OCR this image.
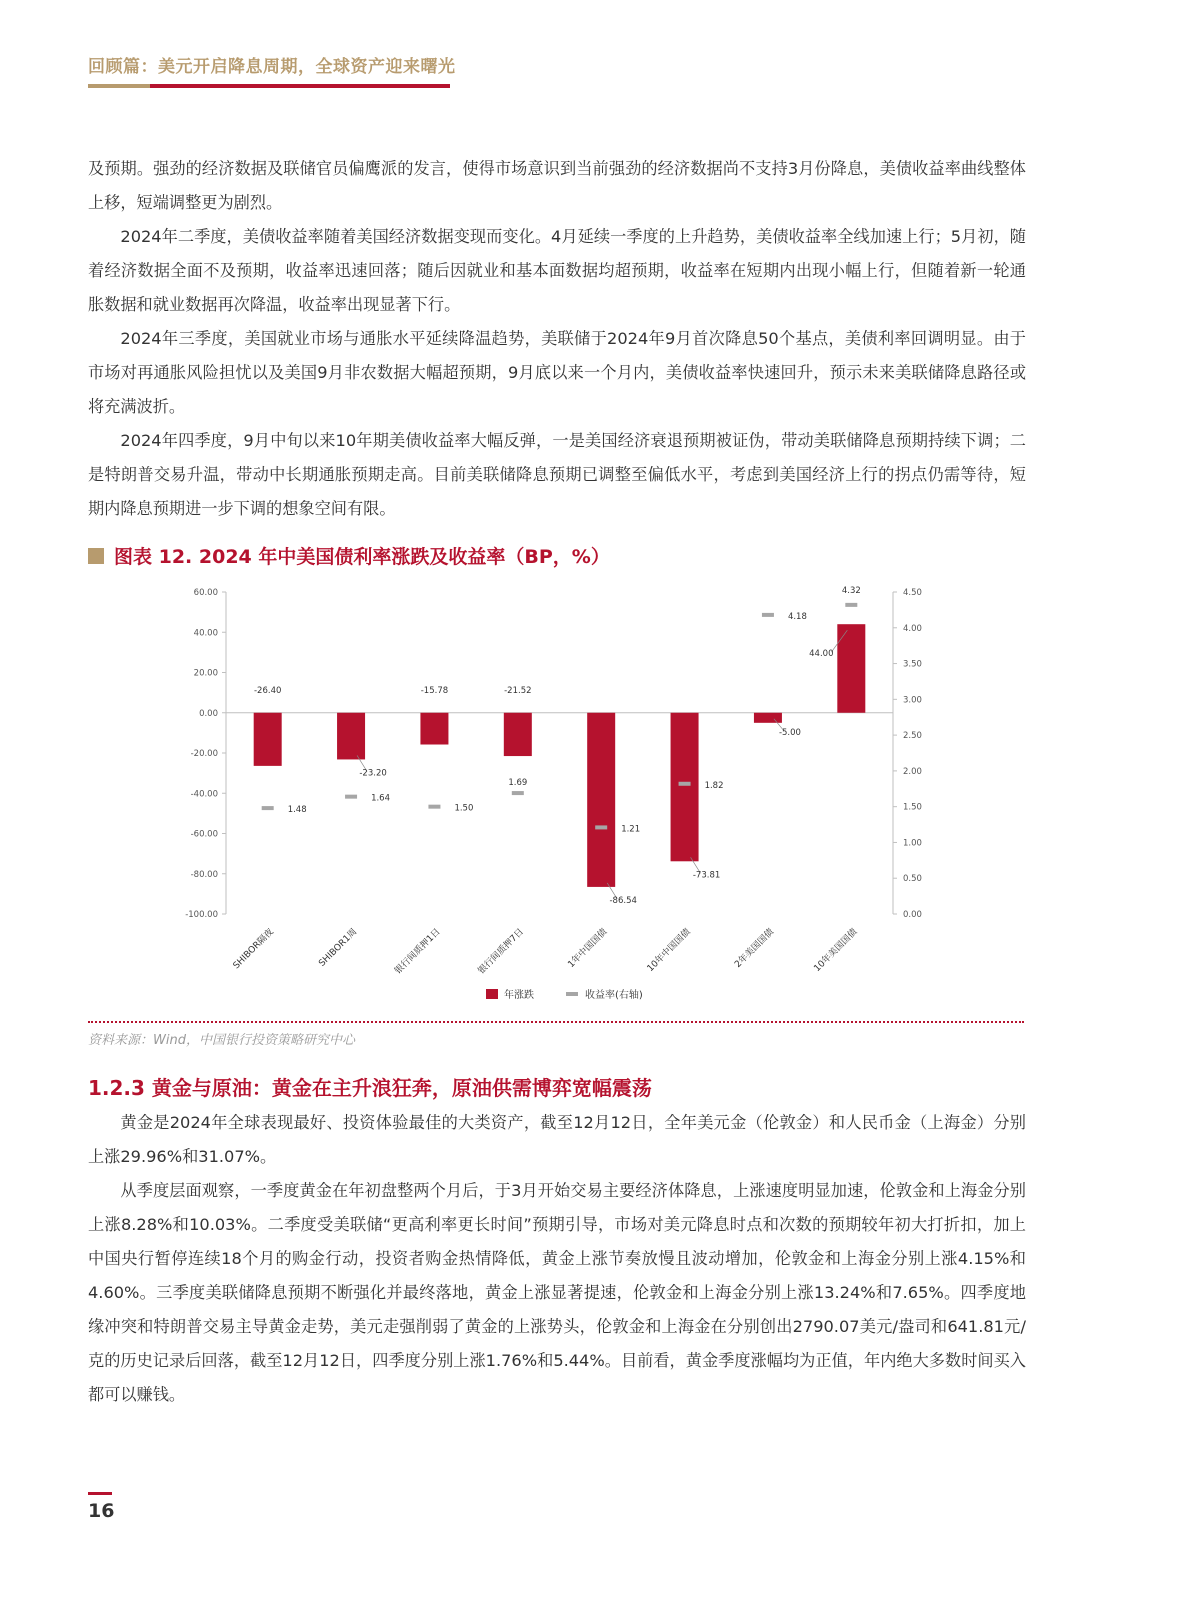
回顾篇：美元开启降息周期，全球资产迎来曙光

及预期。强劲的经济数据及联储官员偏鹰派的发言，使得市场意识到当前强劲的经济数据尚不支持3月份降息，美债收益率曲线整体上移，短端调整更为剧烈。

2024年二季度，美债收益率随着美国经济数据变现而变化。4月延续一季度的上升趋势，美债收益率全线加速上行；5月初，随着经济数据全面不及预期，收益率迅速回落；随后因就业和基本面数据均超预期，收益率在短期内出现小幅上行，但随着新一轮通胀数据和就业数据再次降温，收益率出现显著下行。

2024年三季度，美国就业市场与通胀水平延续降温趋势，美联储于2024年9月首次降息50个基点，美债利率回调明显。由于市场对再通胀风险担忧以及美国9月非农数据大幅超预期，9月底以来一个月内，美债收益率快速回升，预示未来美联储降息路径或将充满波折。

2024年四季度，9月中旬以来10年期美债收益率大幅反弹，一是美国经济衰退预期被证伪，带动美联储降息预期持续下调；二是特朗普交易升温，带动中长期通胀预期走高。目前美联储降息预期已调整至偏低水平，考虑到美国经济上行的拐点仍需等待，短期内降息预期进一步下调的想象空间有限。

图表 12. 2024 年中美国债利率涨跌及收益率（BP，%）
-100.00
-80.00
-60.00
-40.00
-20.00
0.00
20.00
40.00
60.00
0.00
0.50
1.00
1.50
2.00
2.50
3.00
3.50
4.00
4.50
-26.40
1.48
SHIBOR隔夜
-23.20
1.64
SHIBOR1周
-15.78
1.50
银行间质押1日
-21.52
1.69
银行间质押7日
-86.54
1.21
1年中国国债
-73.81
1.82
10年中国国债
-5.00
4.18
2年美国国债
44.00
4.32
10年美国国债
年涨跌	收益率(右轴)
资料来源：Wind，中国银行投资策略研究中心
1.2.3 黄金与原油：黄金在主升浪狂奔，原油供需博弈宽幅震荡

黄金是2024年全球表现最好、投资体验最佳的大类资产，截至12月12日，全年美元金（伦敦金）和人民币金（上海金）分别上涨29.96%和31.07%。

从季度层面观察，一季度黄金在年初盘整两个月后，于3月开始交易主要经济体降息，上涨速度明显加速，伦敦金和上海金分别上涨8.28%和10.03%。二季度受美联储“更高利率更长时间”预期引导，市场对美元降息时点和次数的预期较年初大打折扣，加上中国央行暂停连续18个月的购金行动，投资者购金热情降低，黄金上涨节奏放慢且波动增加，伦敦金和上海金分别上涨4.15%和4.60%。三季度美联储降息预期不断强化并最终落地，黄金上涨显著提速，伦敦金和上海金分别上涨13.24%和7.65%。四季度地缘冲突和特朗普交易主导黄金走势，美元走强削弱了黄金的上涨势头，伦敦金和上海金在分别创出2790.07美元/盎司和641.81元/克的历史记录后回落，截至12月12日，四季度分别上涨1.76%和5.44%。目前看，黄金季度涨幅均为正值，年内绝大多数时间买入都可以赚钱。

16
